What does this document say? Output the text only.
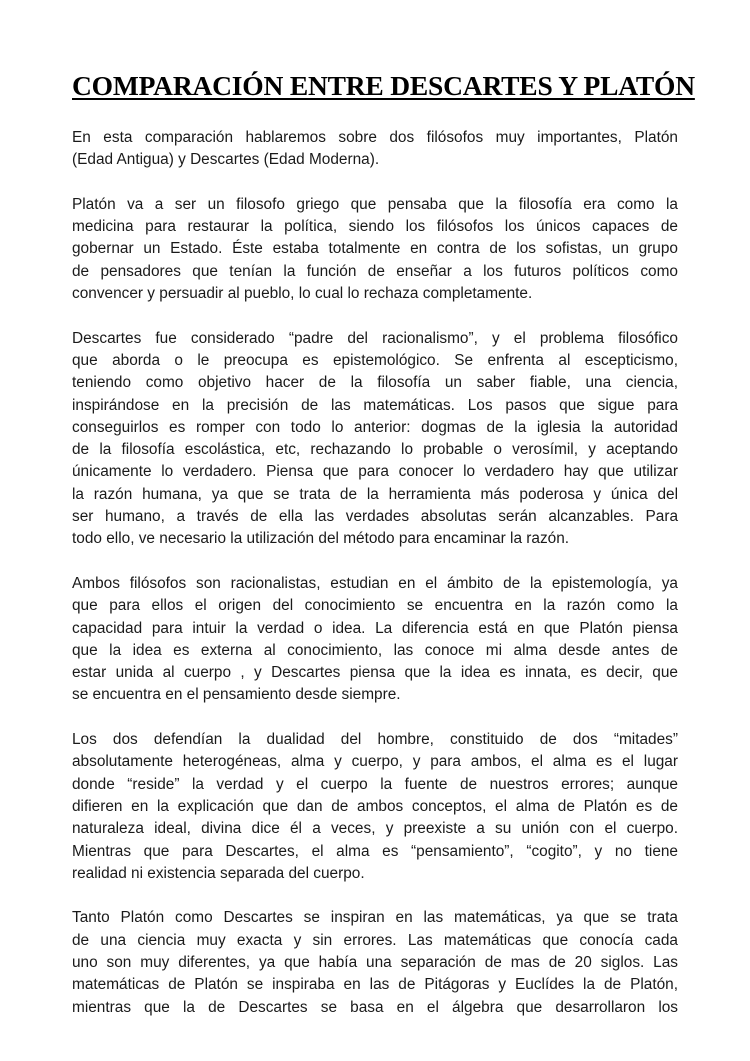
COMPARACIÓN ENTRE DESCARTES Y PLATÓN

En esta comparación hablaremos sobre dos filósofos muy importantes, Platón
(Edad Antigua) y Descartes (Edad Moderna).

Platón va a ser un filosofo griego que pensaba que la filosofía era como la
medicina para restaurar la política, siendo los filósofos los únicos capaces de
gobernar un Estado. Éste estaba totalmente en contra de los sofistas, un grupo
de pensadores que tenían la función de enseñar a los futuros políticos como
convencer y persuadir al pueblo, lo cual lo rechaza completamente.

Descartes fue considerado “padre del racionalismo”, y el problema filosófico
que aborda o le preocupa es epistemológico. Se enfrenta al escepticismo,
teniendo como objetivo hacer de la filosofía un saber fiable, una ciencia,
inspirándose en la precisión de las matemáticas. Los pasos que sigue para
conseguirlos es romper con todo lo anterior: dogmas de la iglesia la autoridad
de la filosofía escolástica, etc, rechazando lo probable o verosímil, y aceptando
únicamente lo verdadero. Piensa que para conocer lo verdadero hay que utilizar
la razón humana, ya que se trata de la herramienta más poderosa y única del
ser humano, a través de ella las verdades absolutas serán alcanzables. Para
todo ello, ve necesario la utilización del método para encaminar la razón.

Ambos filósofos son racionalistas, estudian en el ámbito de la epistemología, ya
que para ellos el origen del conocimiento se encuentra en la razón como la
capacidad para intuir la verdad o idea. La diferencia está en que Platón piensa
que la idea es externa al conocimiento, las conoce mi alma desde antes de
estar unida al cuerpo , y Descartes piensa que la idea es innata, es decir, que
se encuentra en el pensamiento desde siempre.

Los dos defendían la dualidad del hombre, constituido de dos “mitades”
absolutamente heterogéneas, alma y cuerpo, y para ambos, el alma es el lugar
donde “reside” la verdad y el cuerpo la fuente de nuestros errores; aunque
difieren en la explicación que dan de ambos conceptos, el alma de Platón es de
naturaleza ideal, divina dice él a veces, y preexiste a su unión con el cuerpo.
Mientras que para Descartes, el alma es “pensamiento”, “cogito”, y no tiene
realidad ni existencia separada del cuerpo.

Tanto Platón como Descartes se inspiran en las matemáticas, ya que se trata
de una ciencia muy exacta y sin errores. Las matemáticas que conocía cada
uno son muy diferentes, ya que había una separación de mas de 20 siglos. Las
matemáticas de Platón se inspiraba en las de Pitágoras y Euclídes la de Platón,
mientras que la de Descartes se basa en el álgebra que desarrollaron los
